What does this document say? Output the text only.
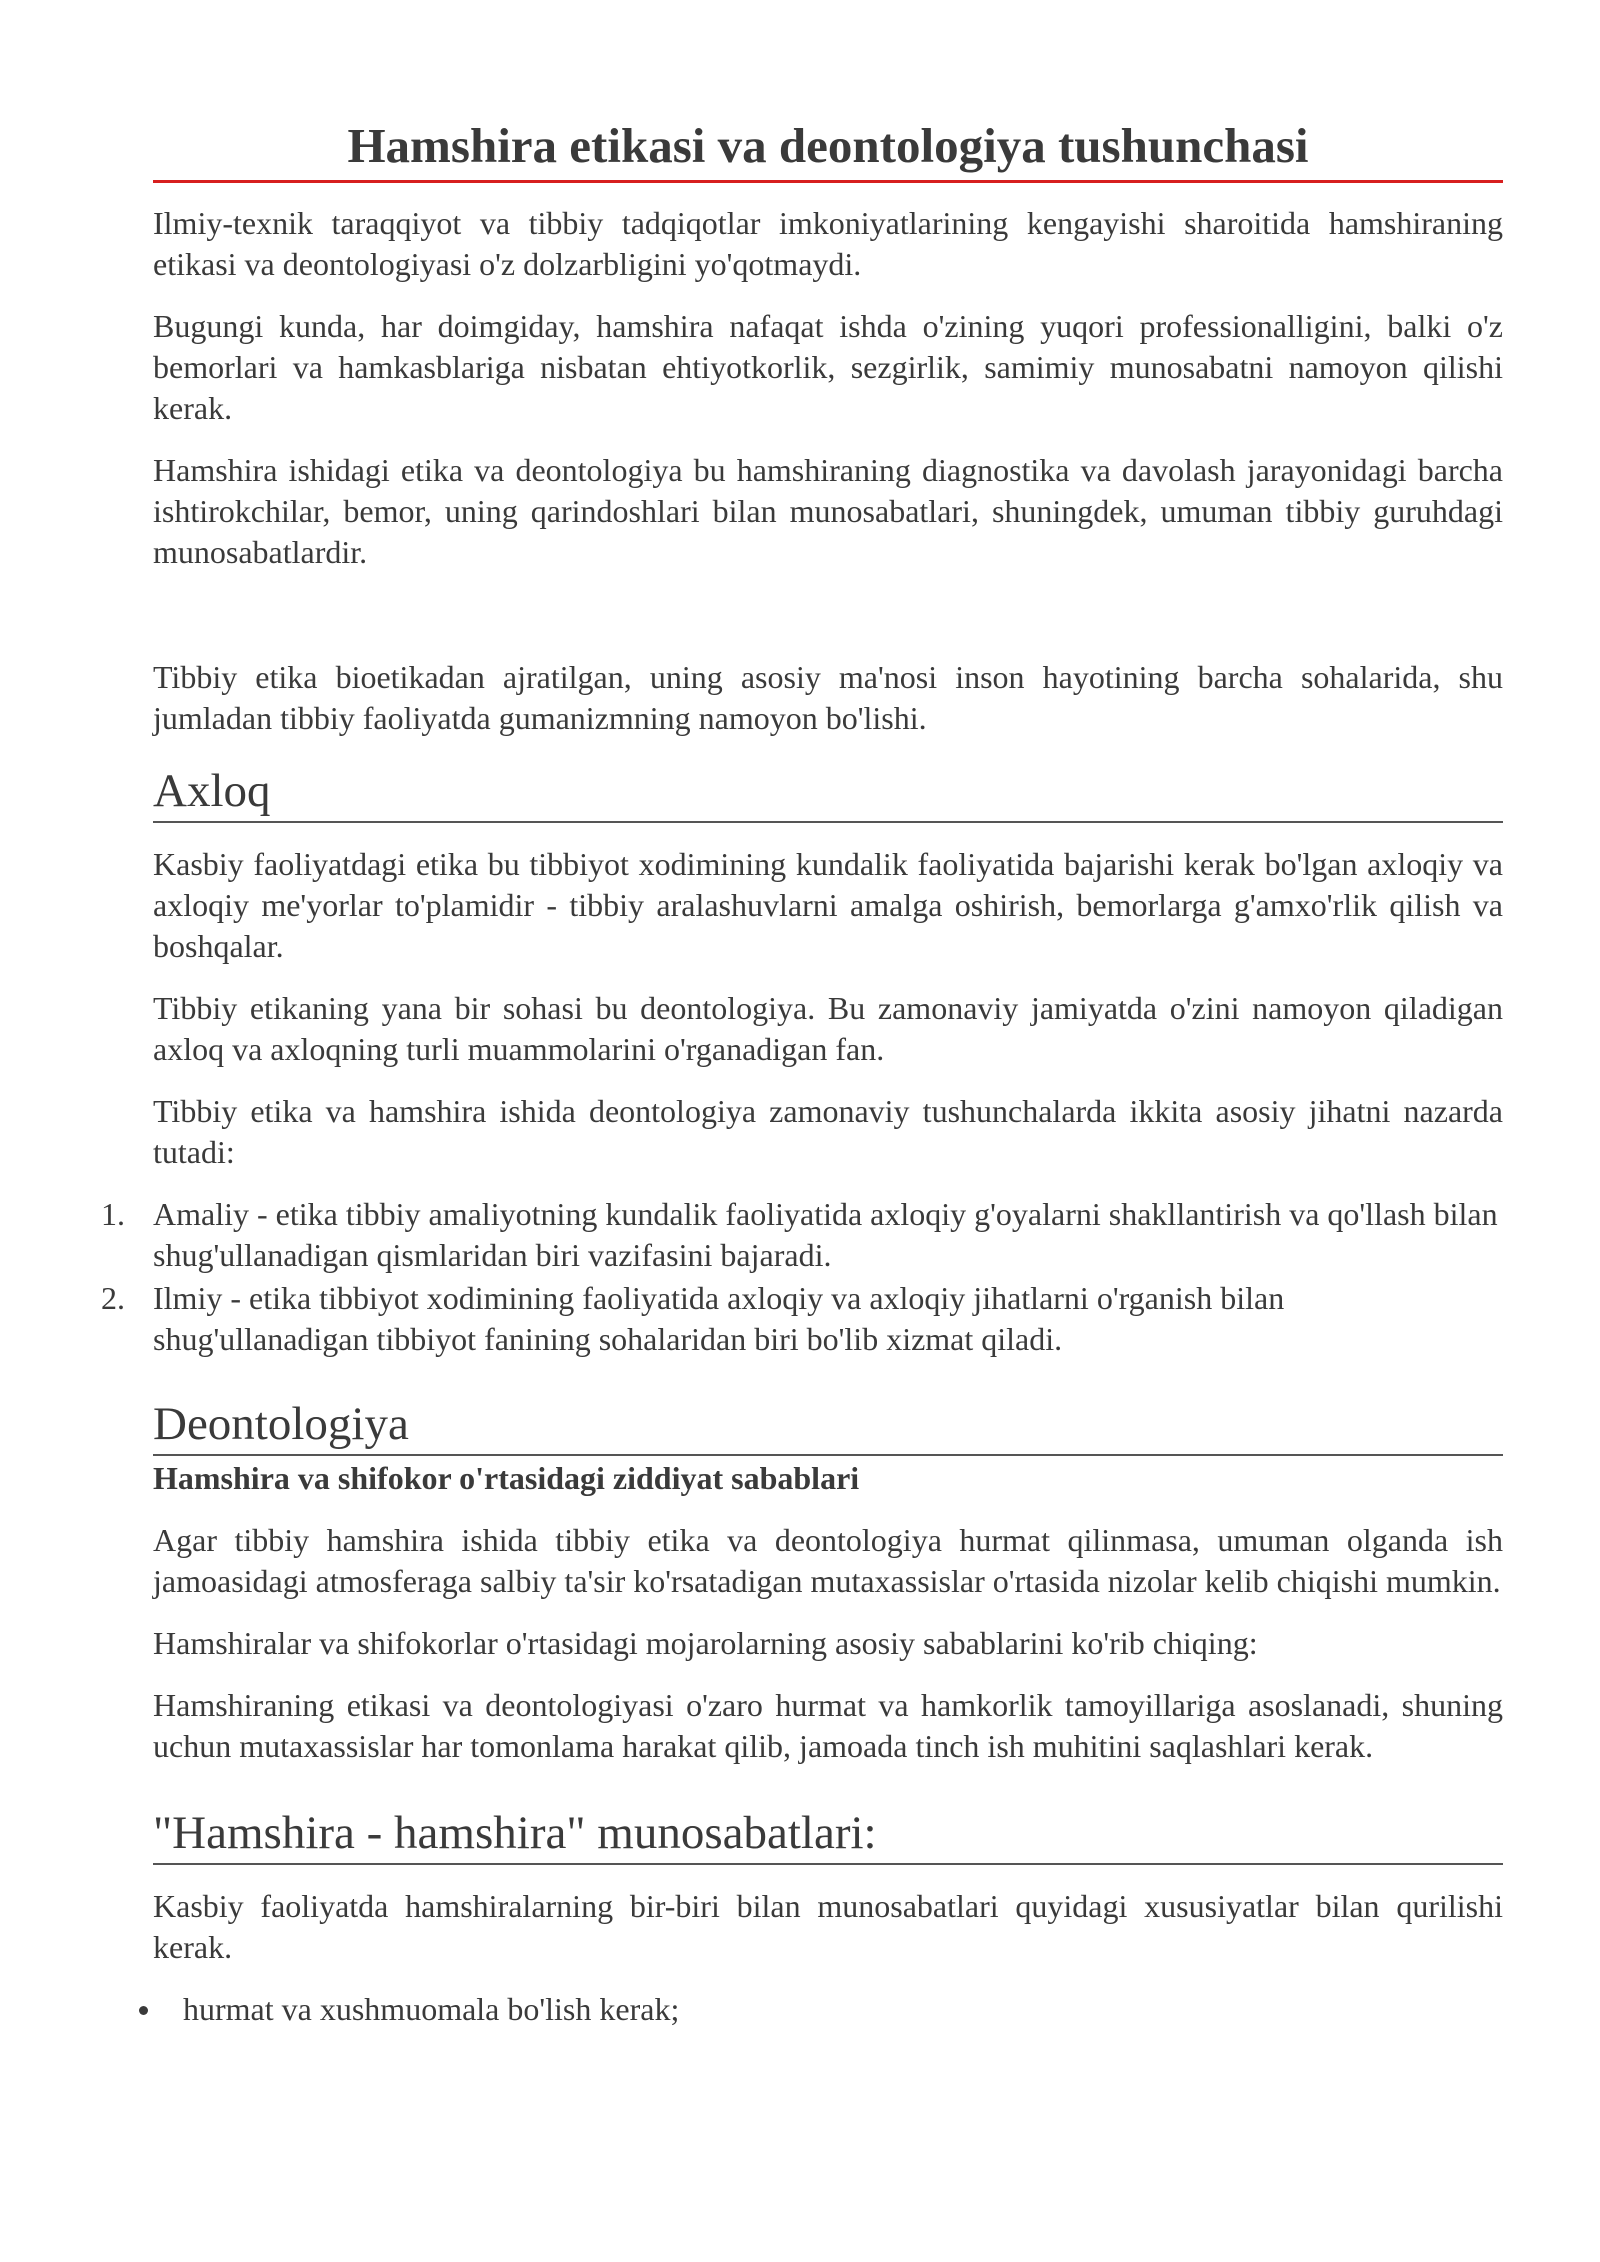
Hamshira etikasi va deontologiya tushunchasi

Ilmiy-texnik taraqqiyot va tibbiy tadqiqotlar imkoniyatlarining kengayishi sharoitida hamshiraning etikasi va deontologiyasi o'z dolzarbligini yo'qotmaydi.

Bugungi kunda, har doimgiday, hamshira nafaqat ishda o'zining yuqori professionalligini, balki o'z bemorlari va hamkasblariga nisbatan ehtiyotkorlik, sezgirlik, samimiy munosabatni namoyon qilishi kerak.

Hamshira ishidagi etika va deontologiya bu hamshiraning diagnostika va davolash jarayonidagi barcha ishtirokchilar, bemor, uning qarindoshlari bilan munosabatlari, shuningdek, umuman tibbiy guruhdagi munosabatlardir.

Tibbiy etika bioetikadan ajratilgan, uning asosiy ma'nosi inson hayotining barcha sohalarida, shu jumladan tibbiy faoliyatda gumanizmning namoyon bo'lishi.

Axloq

Kasbiy faoliyatdagi etika bu tibbiyot xodimining kundalik faoliyatida bajarishi kerak bo'lgan axloqiy va axloqiy me'yorlar to'plamidir - tibbiy aralashuvlarni amalga oshirish, bemorlarga g'amxo'rlik qilish va boshqalar.

Tibbiy etikaning yana bir sohasi bu deontologiya. Bu zamonaviy jamiyatda o'zini namoyon qiladigan axloq va axloqning turli muammolarini o'rganadigan fan.

Tibbiy etika va hamshira ishida deontologiya zamonaviy tushunchalarda ikkita asosiy jihatni nazarda tutadi:

1. Amaliy - etika tibbiy amaliyotning kundalik faoliyatida axloqiy g'oyalarni shakllantirish va qo'llash bilan shug'ullanadigan qismlaridan biri vazifasini bajaradi.
2. Ilmiy - etika tibbiyot xodimining faoliyatida axloqiy va axloqiy jihatlarni o'rganish bilan shug'ullanadigan tibbiyot fanining sohalaridan biri bo'lib xizmat qiladi.
Deontologiya
Hamshira va shifokor o'rtasidagi ziddiyat sabablari

Agar tibbiy hamshira ishida tibbiy etika va deontologiya hurmat qilinmasa, umuman olganda ish jamoasidagi atmosferaga salbiy ta'sir ko'rsatadigan mutaxassislar o'rtasida nizolar kelib chiqishi mumkin.

Hamshiralar va shifokorlar o'rtasidagi mojarolarning asosiy sabablarini ko'rib chiqing:

Hamshiraning etikasi va deontologiyasi o'zaro hurmat va hamkorlik tamoyillariga asoslanadi, shuning uchun mutaxassislar har tomonlama harakat qilib, jamoada tinch ish muhitini saqlashlari kerak.

"Hamshira - hamshira" munosabatlari:

Kasbiy faoliyatda hamshiralarning bir-biri bilan munosabatlari quyidagi xususiyatlar bilan qurilishi kerak.

hurmat va xushmuomala bo'lish kerak;
